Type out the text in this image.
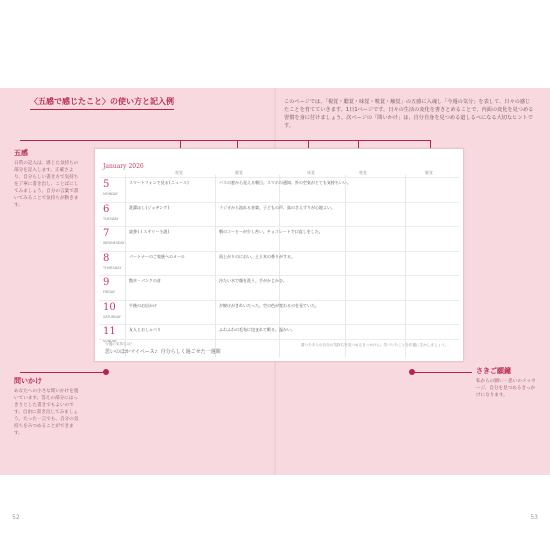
〈五感で感じたこと〉の使い方と記入例	このページでは、「視覚・聴覚・味覚・嗅覚・触覚」の五感に入魂し「今週の気分」を表して、日々の感じたことを育てていきます。1日1ページです。日々の生活の変化を書きとめることで、内面の変化を見つめる習慣を身に付けましょう。次ページの「問いかけ」は、自分自身を見つめる道しるべになる大切なヒントです。
五感
日常の記入は、感じた気持ちの部分を記入します。正確さより、自分らしい書き方で気持ちを丁寧に書き出し、ことばにしてみましょう。自分の言葉で書いてみることで気持ちが動きます。
問いかけ
あなたへの小さな問いかけを置いています。答えの部分にはっきりとした書きでもよいのです。自由に書き出してみましょう。たった一言でも、自分の気持ちをみつめることができます。
さきご願鐘
私からの願い・思いのメッセージ、自分を見つめるきっかけになります。
January 2026
視覚	聴覚	味覚	嗅覚	触覚
5
MONDAY
スマートフォンで見る(ニュース)	バスの窓から見える朝日。スマホの通知、外の空気がとても気持ちいい。
6
TUESDAY
洗濯ほし(ジョギング)	ラジオから流れる音楽。子どもの声、鳥のさえずりが心地よい。
7
WEDNESDAY
読書(ミステリー小説)	朝のコーヒーが少し苦い。チョコレートで口直しをした。
8
THURSDAY
パートナーのご家族へのメール	雨上がりのにおい。土と木の香りがする。
9
FRIDAY
散歩・パンクの音	冷たい水で顔を洗う。手がかじかむ。
10
SATURDAY
午後のお出かけ	夕焼けがきれいだった。空の色が変わるのを見ていた。
11
SUNDAY
友人とおしゃべり	ふわふわの毛布に包まれて眠る。温かい。
今週の気持ちは？
思いのほかマイペース♪ 自分らしく過ごせた一週間
書いたあとの自分の気持ちを見つめるきっかけに。気づいたことを次週に生かしましょう。
52	53
